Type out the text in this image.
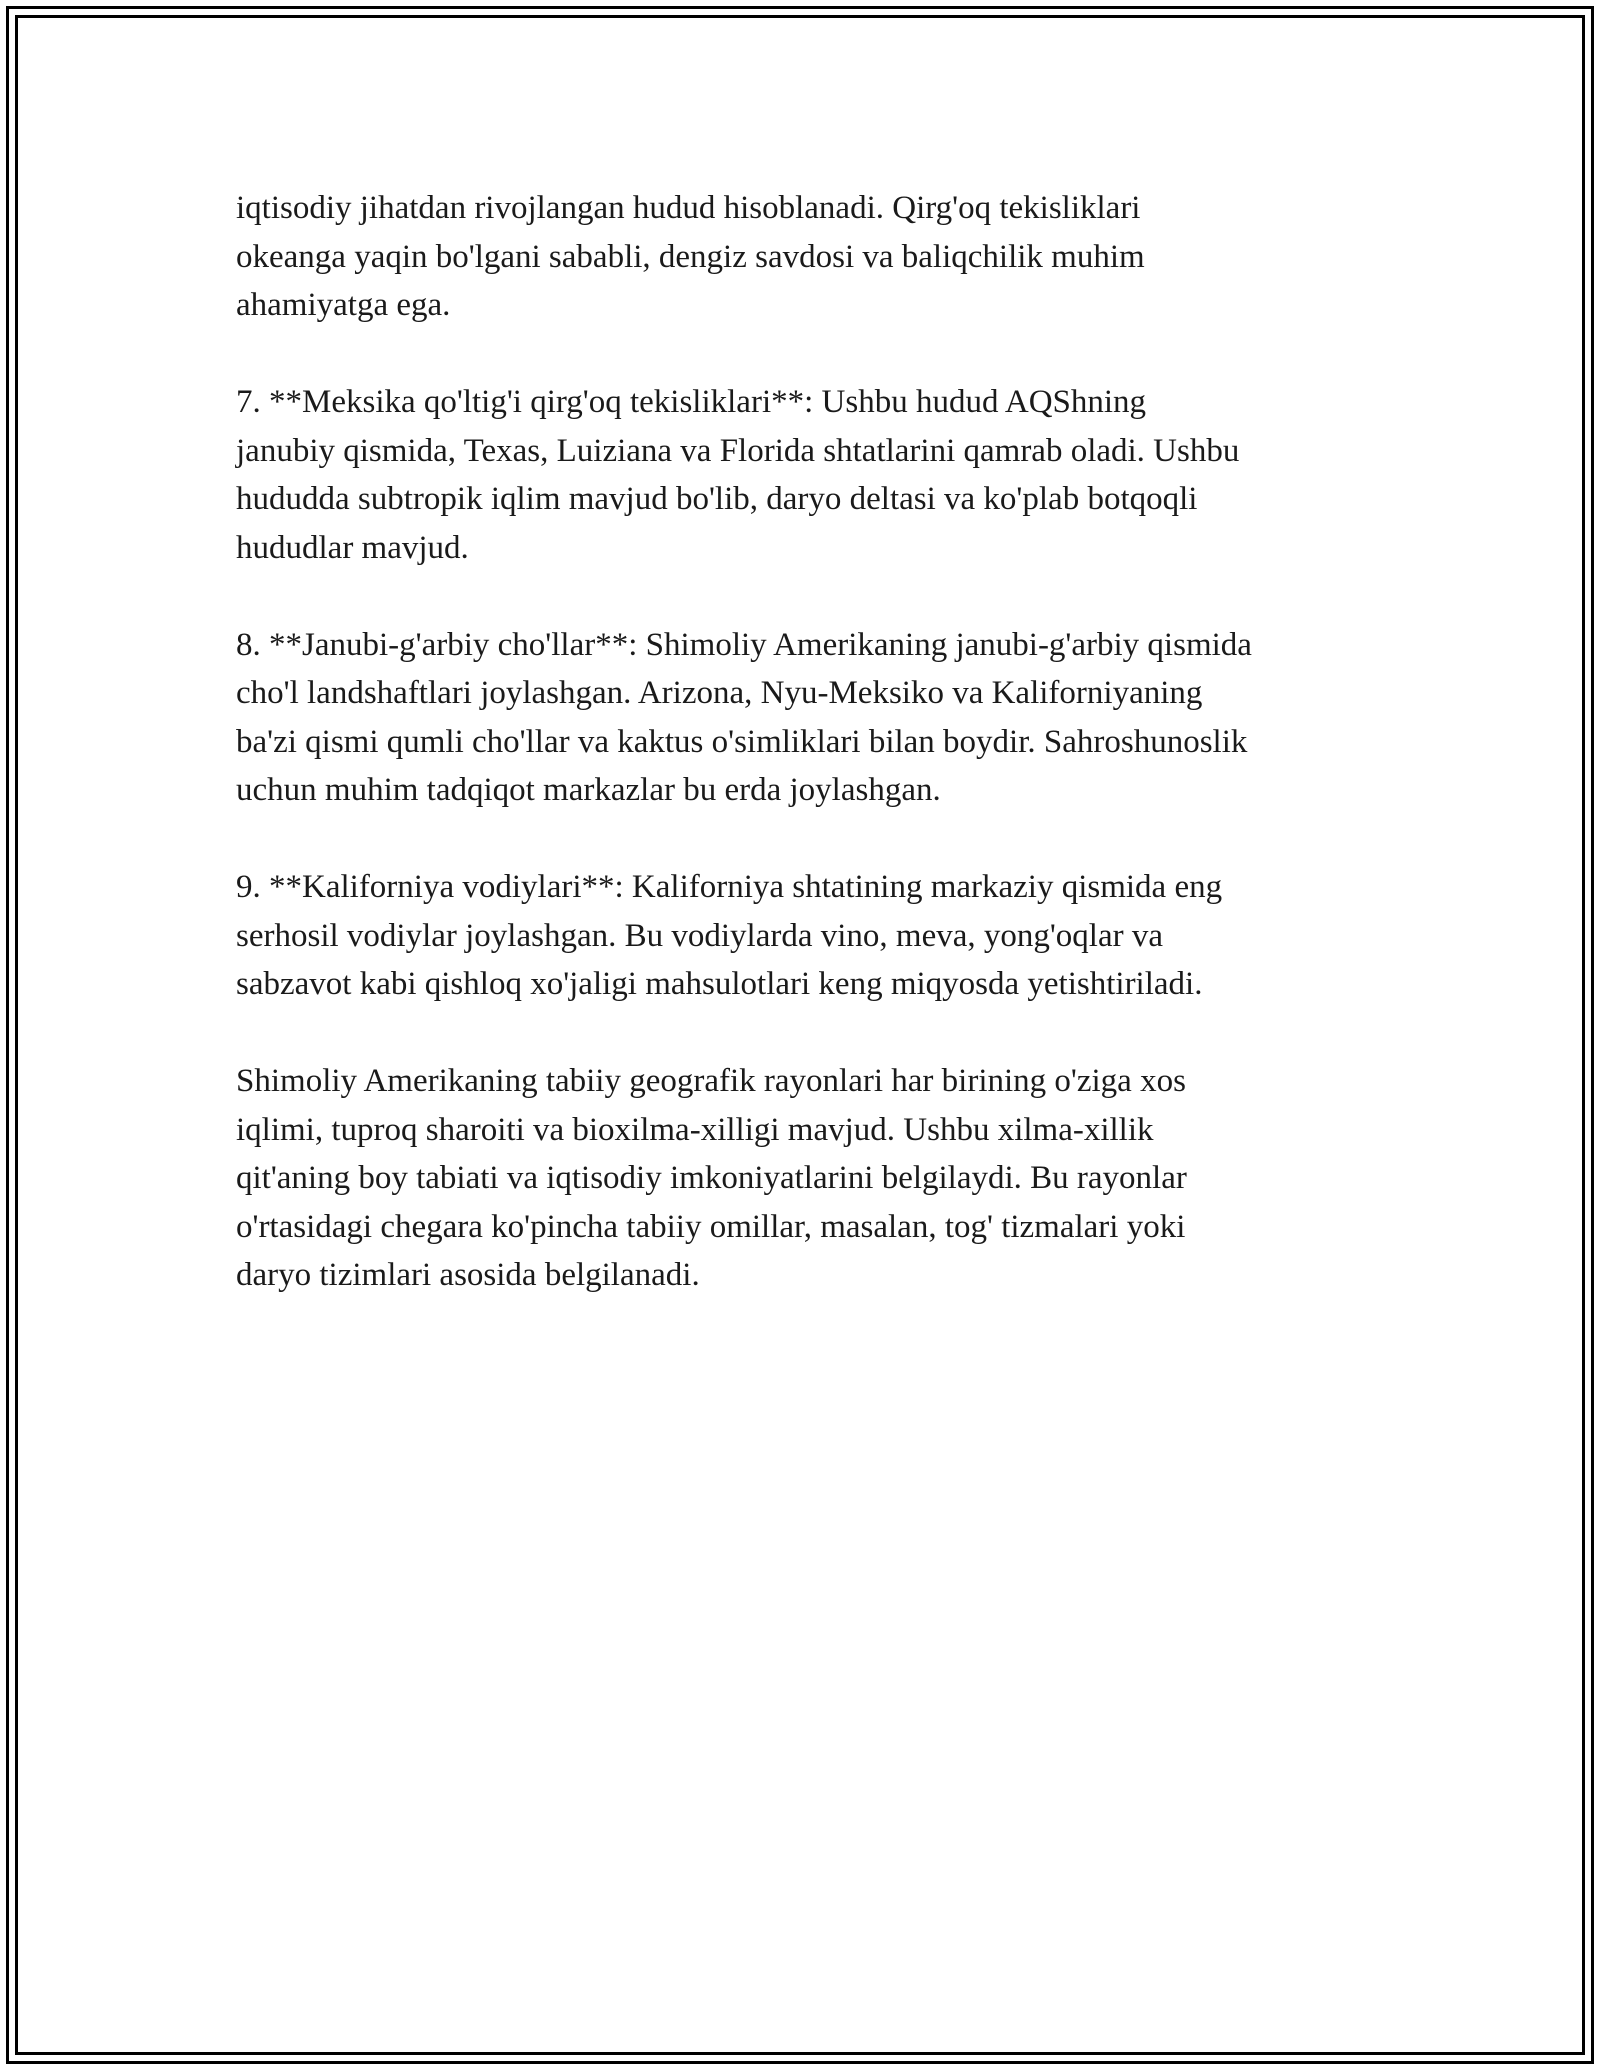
iqtisodiy jihatdan rivojlangan hudud hisoblanadi. Qirg'oq tekisliklari
okeanga yaqin bo'lgani sababli, dengiz savdosi va baliqchilik muhim
ahamiyatga ega.

7. **Meksika qo'ltig'i qirg'oq tekisliklari**: Ushbu hudud AQShning
janubiy qismida, Texas, Luiziana va Florida shtatlarini qamrab oladi. Ushbu
hududda subtropik iqlim mavjud bo'lib, daryo deltasi va ko'plab botqoqli
hududlar mavjud.

8. **Janubi-g'arbiy cho'llar**: Shimoliy Amerikaning janubi-g'arbiy qismida
cho'l landshaftlari joylashgan. Arizona, Nyu-Meksiko va Kaliforniyaning
ba'zi qismi qumli cho'llar va kaktus o'simliklari bilan boydir. Sahroshunoslik
uchun muhim tadqiqot markazlar bu erda joylashgan.

9. **Kaliforniya vodiylari**: Kaliforniya shtatining markaziy qismida eng
serhosil vodiylar joylashgan. Bu vodiylarda vino, meva, yong'oqlar va
sabzavot kabi qishloq xo'jaligi mahsulotlari keng miqyosda yetishtiriladi.

Shimoliy Amerikaning tabiiy geografik rayonlari har birining o'ziga xos
iqlimi, tuproq sharoiti va bioxilma-xilligi mavjud. Ushbu xilma-xillik
qit'aning boy tabiati va iqtisodiy imkoniyatlarini belgilaydi. Bu rayonlar
o'rtasidagi chegara ko'pincha tabiiy omillar, masalan, tog' tizmalari yoki
daryo tizimlari asosida belgilanadi.
